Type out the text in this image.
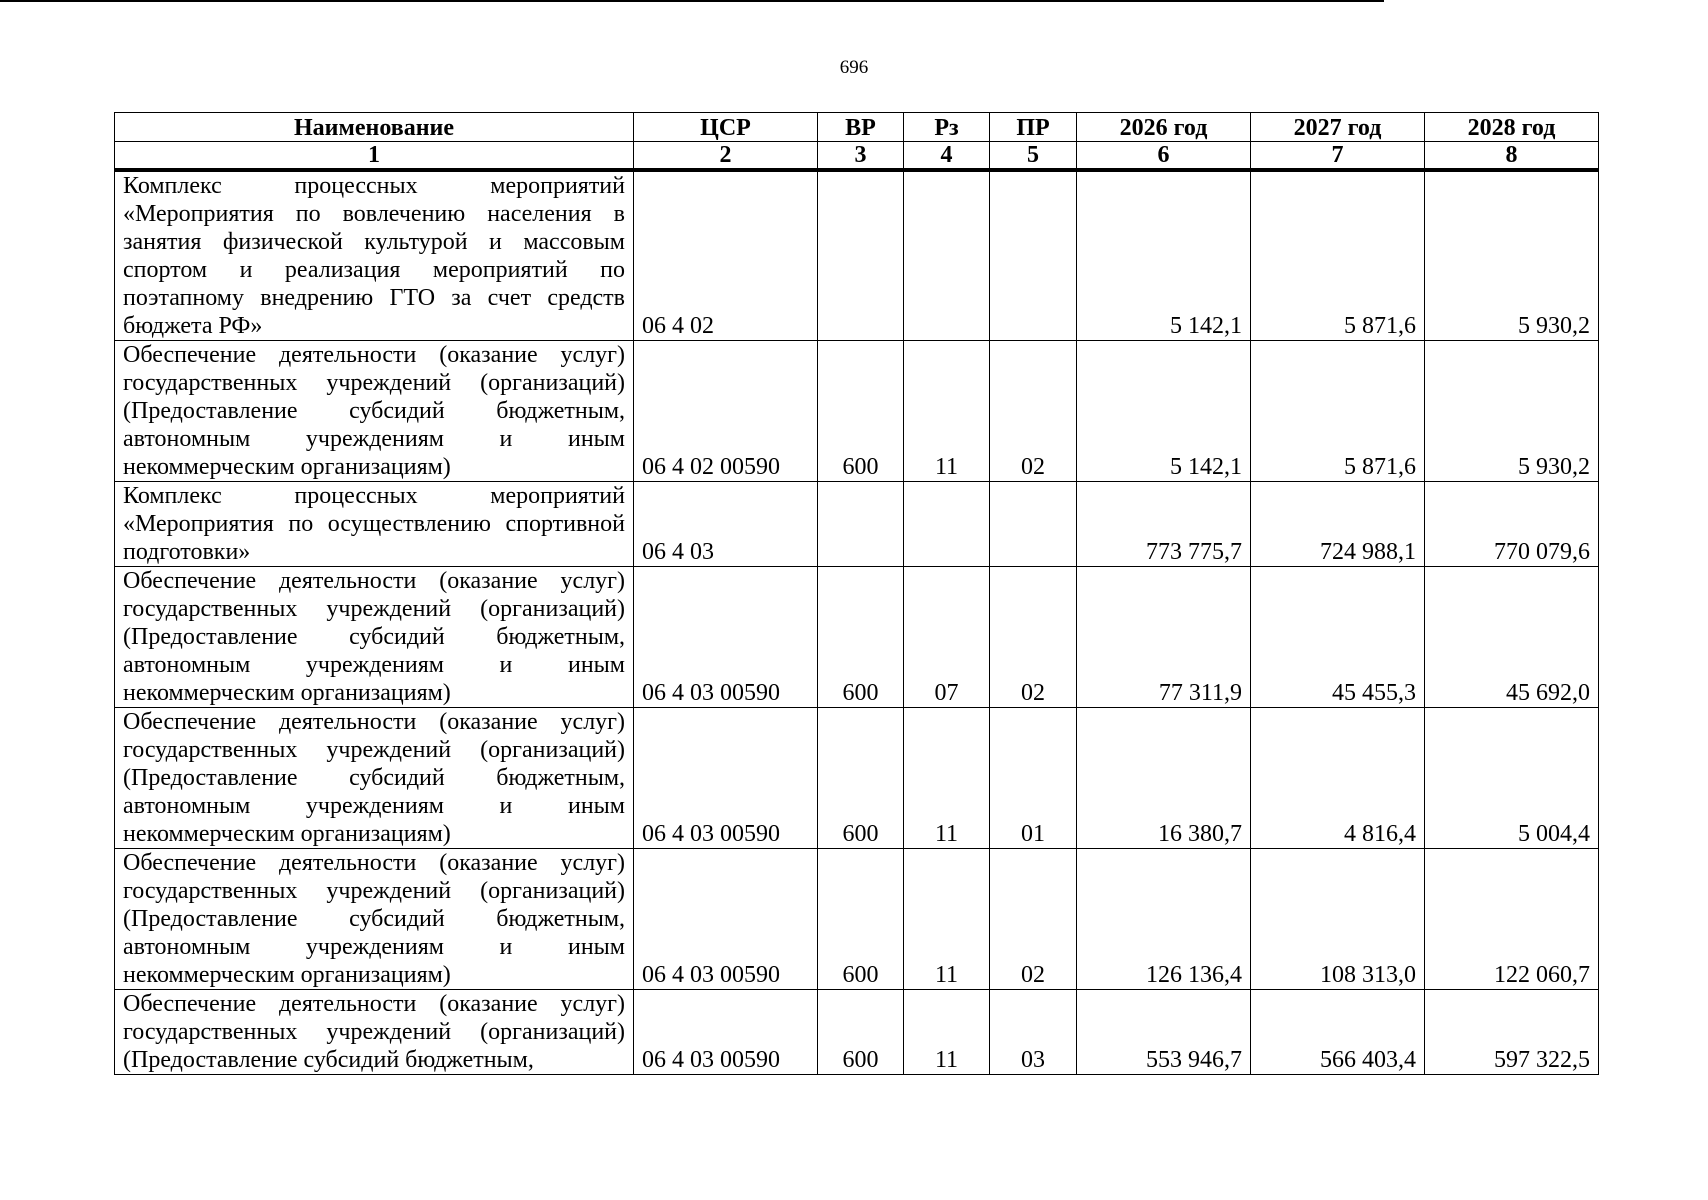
696
Наименование	ЦСР	ВР	Рз	ПР	2026 год	2027 год	2028 год
1	2	3	4	5	6	7	8
Комплекс процессных мероприятий «Мероприятия по вовлечению населения в занятия физической культурой и массовым спортом и реализация мероприятий по поэтапному внедрению ГТО за счет средств бюджета РФ»	06 4 02				5 142,1	5 871,6	5 930,2
Обеспечение деятельности (оказание услуг) государственных учреждений (организаций) (Предоставление субсидий бюджетным, автономным учреждениям и иным некоммерческим организациям)	06 4 02 00590	600	11	02	5 142,1	5 871,6	5 930,2
Комплекс процессных мероприятий «Мероприятия по осуществлению спортивной подготовки»	06 4 03				773 775,7	724 988,1	770 079,6
Обеспечение деятельности (оказание услуг) государственных учреждений (организаций) (Предоставление субсидий бюджетным, автономным учреждениям и иным некоммерческим организациям)	06 4 03 00590	600	07	02	77 311,9	45 455,3	45 692,0
Обеспечение деятельности (оказание услуг) государственных учреждений (организаций) (Предоставление субсидий бюджетным, автономным учреждениям и иным некоммерческим организациям)	06 4 03 00590	600	11	01	16 380,7	4 816,4	5 004,4
Обеспечение деятельности (оказание услуг) государственных учреждений (организаций) (Предоставление субсидий бюджетным, автономным учреждениям и иным некоммерческим организациям)	06 4 03 00590	600	11	02	126 136,4	108 313,0	122 060,7
Обеспечение деятельности (оказание услуг) государственных учреждений (организаций) (Предоставление субсидий бюджетным,	06 4 03 00590	600	11	03	553 946,7	566 403,4	597 322,5
